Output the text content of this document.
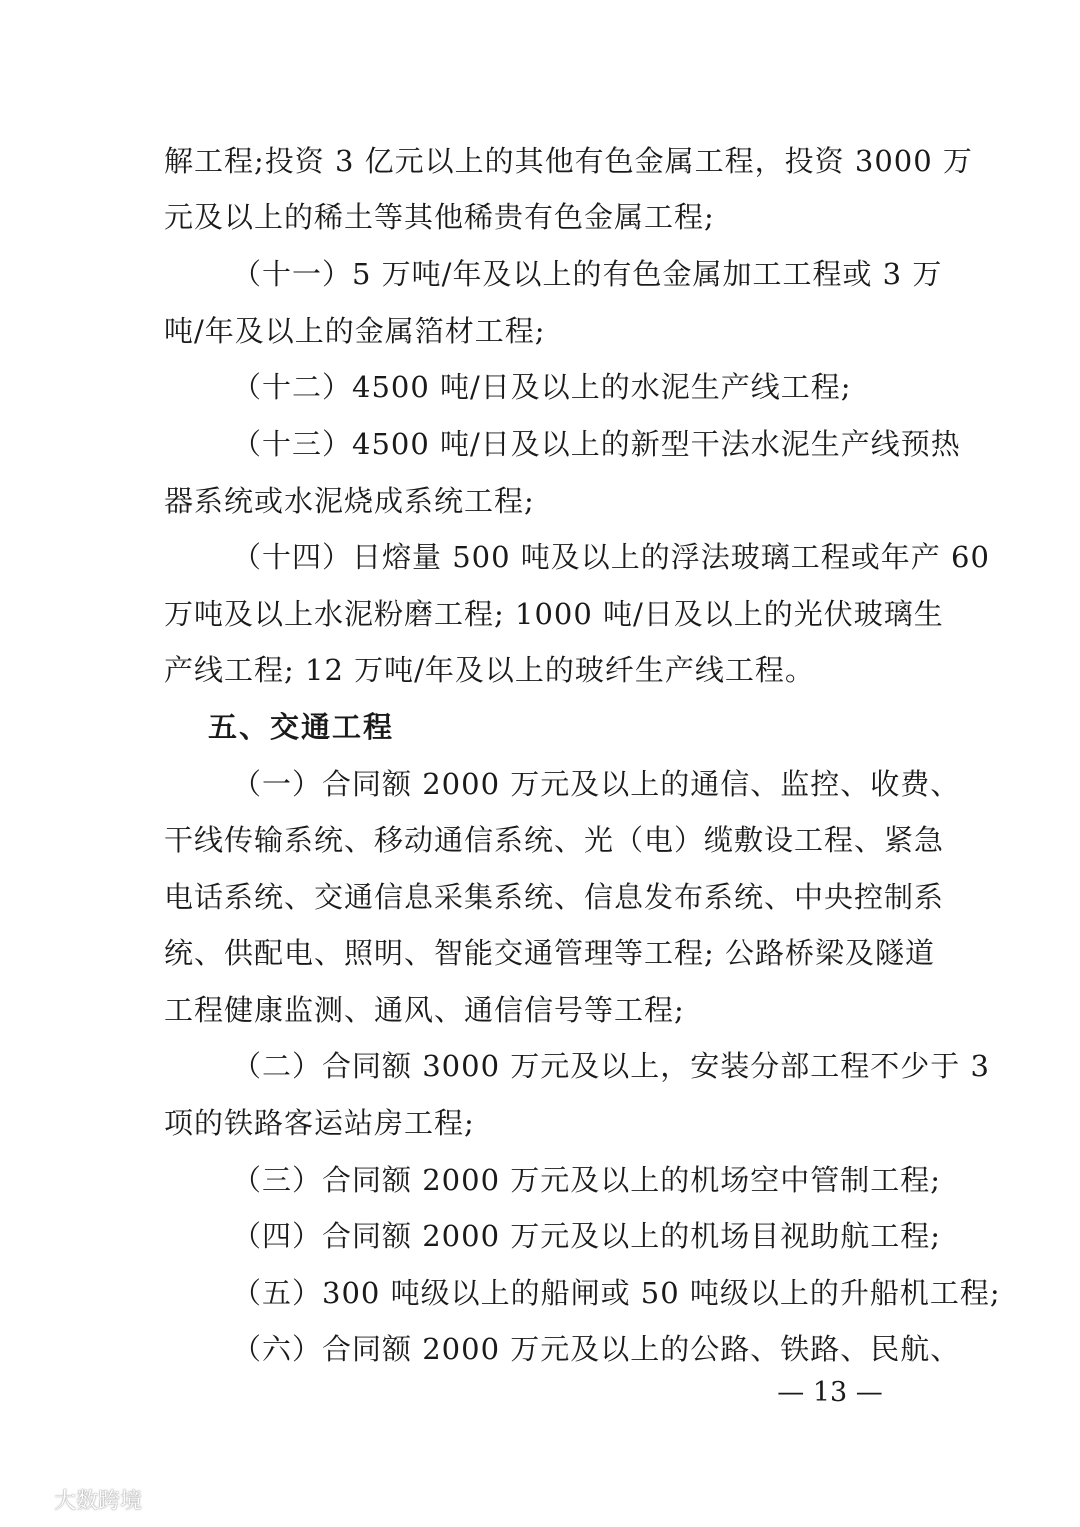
解工程;投资 3 亿元以上的其他有色金属工程，投资 3000 万
元及以上的稀土等其他稀贵有色金属工程;
（十一）5 万吨/年及以上的有色金属加工工程或 3 万
吨/年及以上的金属箔材工程;
（十二）4500 吨/日及以上的水泥生产线工程;
（十三）4500 吨/日及以上的新型干法水泥生产线预热
器系统或水泥烧成系统工程;
（十四）日熔量 500 吨及以上的浮法玻璃工程或年产 60
万吨及以上水泥粉磨工程; 1000 吨/日及以上的光伏玻璃生
产线工程; 12 万吨/年及以上的玻纤生产线工程。
五、交通工程
（一）合同额 2000 万元及以上的通信、监控、收费、
干线传输系统、移动通信系统、光（电）缆敷设工程、紧急
电话系统、交通信息采集系统、信息发布系统、中央控制系
统、供配电、照明、智能交通管理等工程; 公路桥梁及隧道
工程健康监测、通风、通信信号等工程;
（二）合同额 3000 万元及以上，安装分部工程不少于 3
项的铁路客运站房工程;
（三）合同额 2000 万元及以上的机场空中管制工程;
（四）合同额 2000 万元及以上的机场目视助航工程;
（五）300 吨级以上的船闸或 50 吨级以上的升船机工程;
（六）合同额 2000 万元及以上的公路、铁路、民航、
— 13 —
大数跨境
